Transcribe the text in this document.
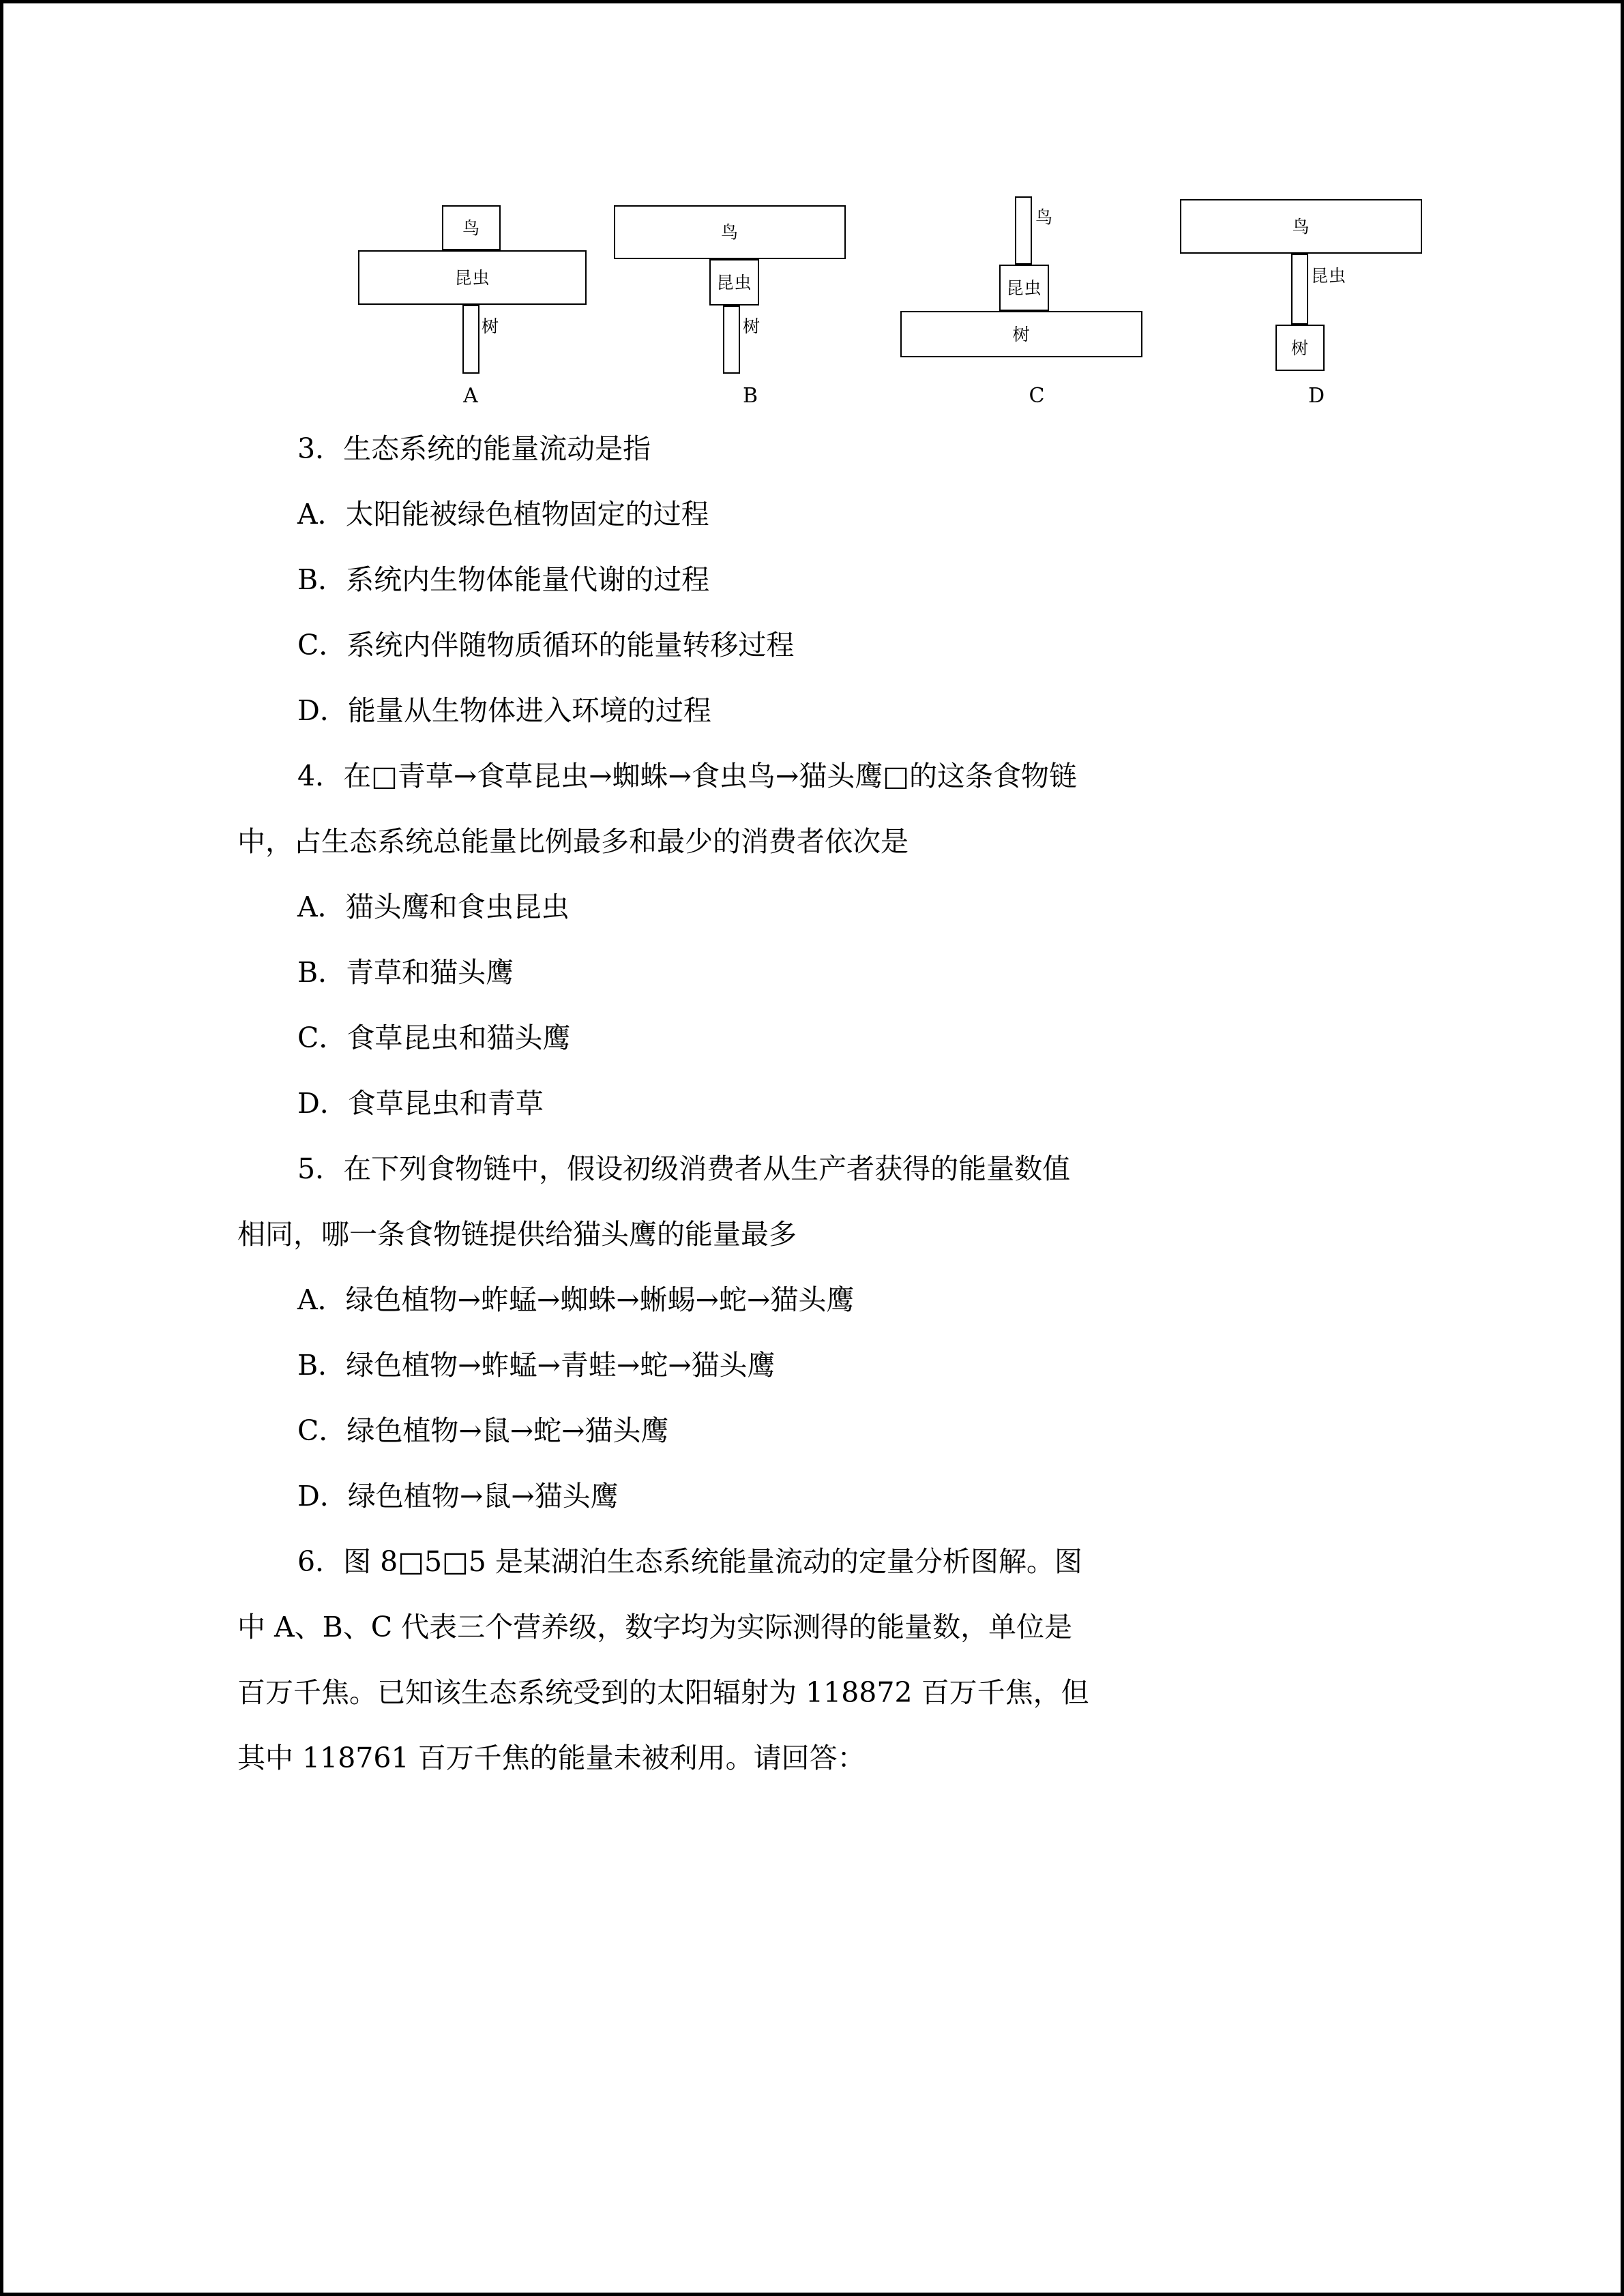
鸟
昆虫
树
A
鸟
昆虫
树
B
鸟
昆虫
树
C
鸟
昆虫
树
D

3．生态系统的能量流动是指

A．太阳能被绿色植物固定的过程

B．系统内生物体能量代谢的过程

C．系统内伴随物质循环的能量转移过程

D．能量从生物体进入环境的过程

4．在□青草→食草昆虫→蜘蛛→食虫鸟→猫头鹰□的这条食物链

中，占生态系统总能量比例最多和最少的消费者依次是

A．猫头鹰和食虫昆虫

B．青草和猫头鹰

C．食草昆虫和猫头鹰

D．食草昆虫和青草

5．在下列食物链中，假设初级消费者从生产者获得的能量数值

相同，哪一条食物链提供给猫头鹰的能量最多

A．绿色植物→蚱蜢→蜘蛛→蜥蜴→蛇→猫头鹰

B．绿色植物→蚱蜢→青蛙→蛇→猫头鹰

C．绿色植物→鼠→蛇→猫头鹰

D．绿色植物→鼠→猫头鹰

6．图 8□5□5 是某湖泊生态系统能量流动的定量分析图解。图

中 A、B、C 代表三个营养级，数字均为实际测得的能量数，单位是

百万千焦。已知该生态系统受到的太阳辐射为 118872 百万千焦，但

其中 118761 百万千焦的能量未被利用。请回答：
